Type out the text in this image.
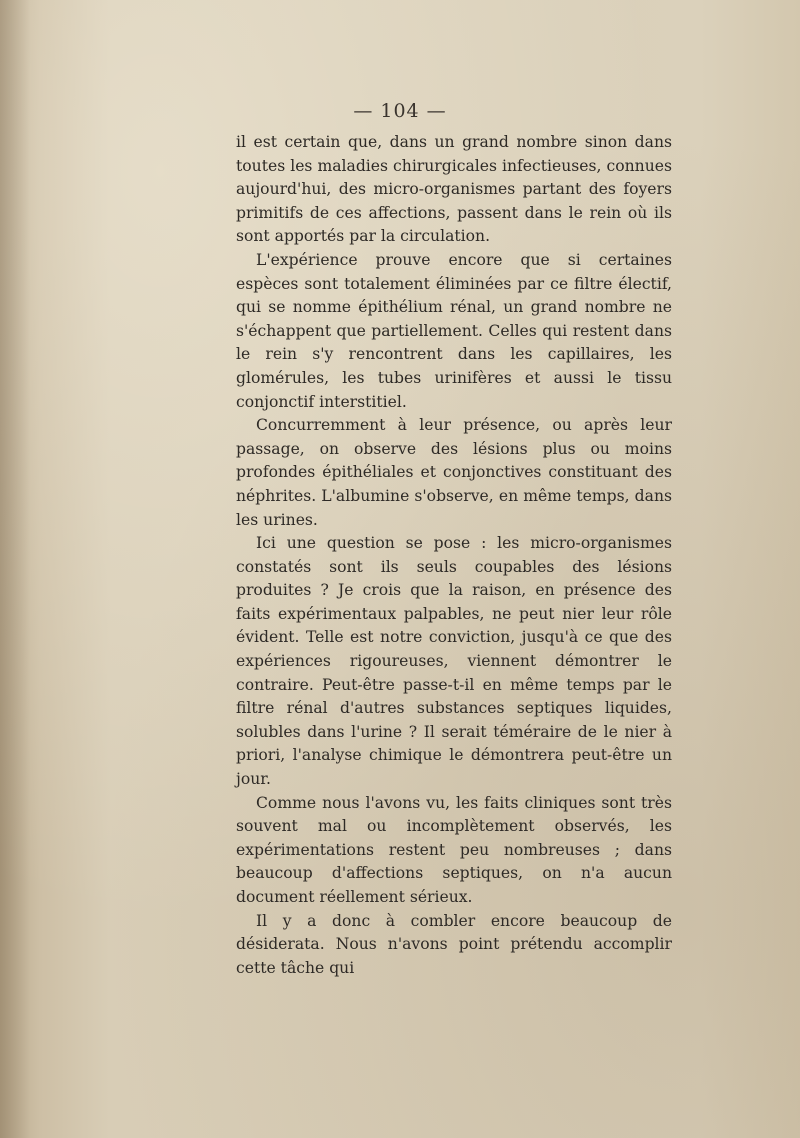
— 104 —

il est certain que, dans un grand nombre sinon dans toutes les maladies chirurgicales infectieuses, connues aujourd'hui, des micro-organismes partant des foyers primitifs de ces affections, passent dans le rein où ils sont apportés par la circulation.

L'expérience prouve encore que si certaines espèces sont totalement éliminées par ce filtre électif, qui se nomme épithélium rénal, un grand nombre ne s'échappent que partiellement. Celles qui restent dans le rein s'y rencontrent dans les capillaires, les glomérules, les tubes urinifères et aussi le tissu conjonctif interstitiel.

Concurremment à leur présence, ou après leur passage, on observe des lésions plus ou moins profondes épithéliales et conjonctives constituant des néphrites. L'albumine s'observe, en même temps, dans les urines.

Ici une question se pose : les micro-organismes constatés sont ils seuls coupables des lésions produites ? Je crois que la raison, en présence des faits expérimentaux palpables, ne peut nier leur rôle évident. Telle est notre conviction, jusqu'à ce que des expériences rigoureuses, viennent démontrer le contraire. Peut-être passe-t-il en même temps par le filtre rénal d'autres substances septiques liquides, solubles dans l'urine ? Il serait téméraire de le nier à priori, l'analyse chimique le démontrera peut-être un jour.

Comme nous l'avons vu, les faits cliniques sont très souvent mal ou incomplètement observés, les expérimentations restent peu nombreuses ; dans beaucoup d'affections septiques, on n'a aucun document réellement sérieux.

Il y a donc à combler encore beaucoup de désiderata. Nous n'avons point prétendu accomplir cette tâche qui
